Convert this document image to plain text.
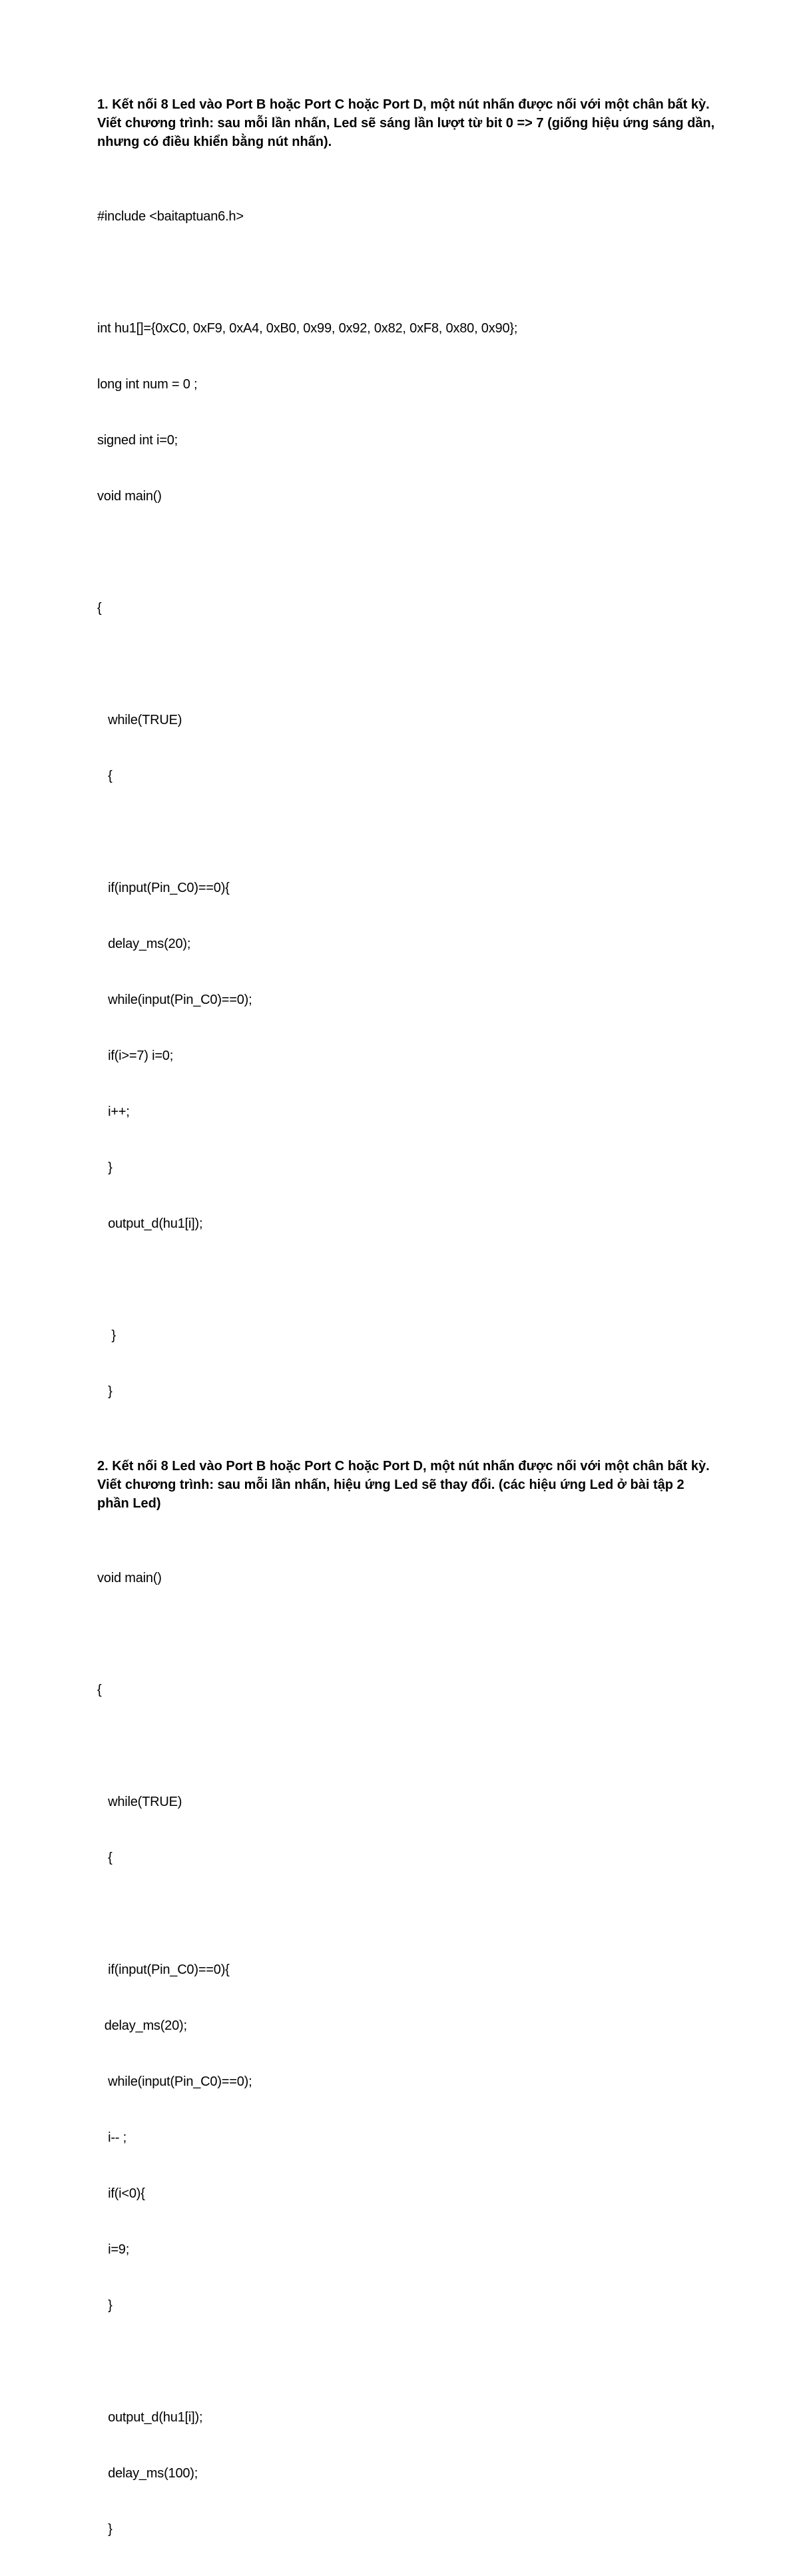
1. Kết nối 8 Led vào Port B hoặc Port C hoặc Port D, một nút nhấn được nối với một chân bất kỳ. Viết chương trình: sau mỗi lần nhấn, Led sẽ sáng lần lượt từ bit 0 => 7 (giống hiệu ứng sáng dần, nhưng có điều khiển bằng nút nhấn).

#include <baitaptuan6.h>

int hu1[]={0xC0, 0xF9, 0xA4, 0xB0, 0x99, 0x92, 0x82, 0xF8, 0x80, 0x90};

long int num = 0 ;

signed int i=0;

void main()

{

while(TRUE)

{

if(input(Pin_C0)==0){

delay_ms(20);

while(input(Pin_C0)==0);

if(i>=7) i=0;

i++;

}

output_d(hu1[i]);

}

}

2. Kết nối 8 Led vào Port B hoặc Port C hoặc Port D, một nút nhấn được nối với một chân bất kỳ. Viết chương trình: sau mỗi lần nhấn, hiệu ứng Led sẽ thay đổi. (các hiệu ứng Led ở bài tập 2 phần Led)

void main()

{

while(TRUE)

{

if(input(Pin_C0)==0){

delay_ms(20);

while(input(Pin_C0)==0);

i-- ;

if(i<0){

i=9;

}

output_d(hu1[i]);

delay_ms(100);

}
